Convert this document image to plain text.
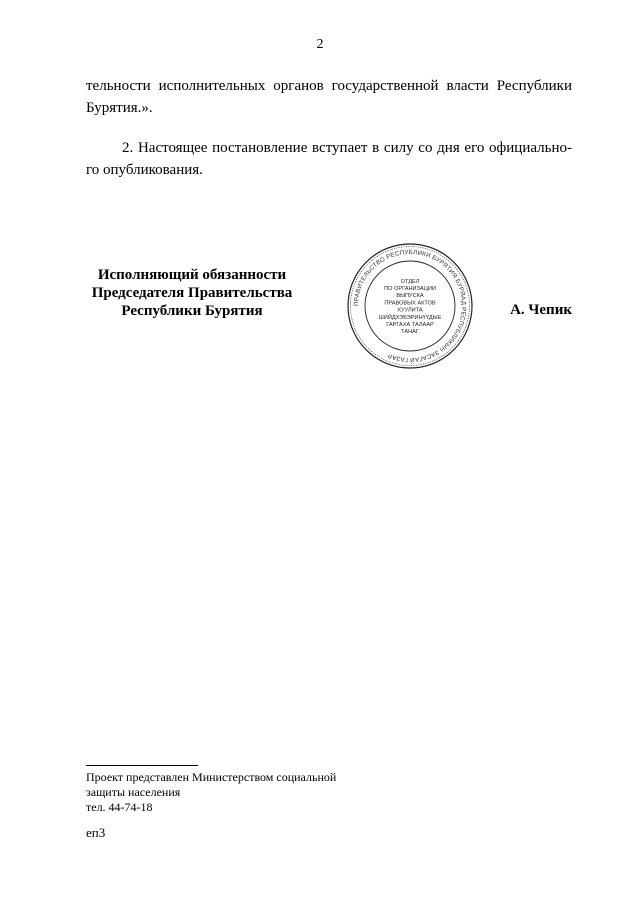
2

тельности исполнительных органов государственной власти Республики

Бурятия.».

2. Настоящее постановление вступает в силу со дня его официально-

го опубликования.

Исполняющий обязанности
Председателя Правительства
Республики Бурятия	ПРАВИТЕЛЬСТВО РЕСПУБЛИКИ БУРЯТИЯ БУРЯАД РЕСПУБЛИКЫН ЗАСАГАЙ ГАЗАР
ОТДЕЛ
ПО ОРГАНИЗАЦИИ
ВЫПУСКА
ПРАВОВЫХ АКТОВ
ХУУЛИТА
ШИЙДХЭБЭРИНҮҮДЫЕ
ГАРГАХА ТАЛААР
ТАНАГ
А. Чепик
Проект представлен Министерством социальной
защиты населения
тел. 44-74-18
еп3
